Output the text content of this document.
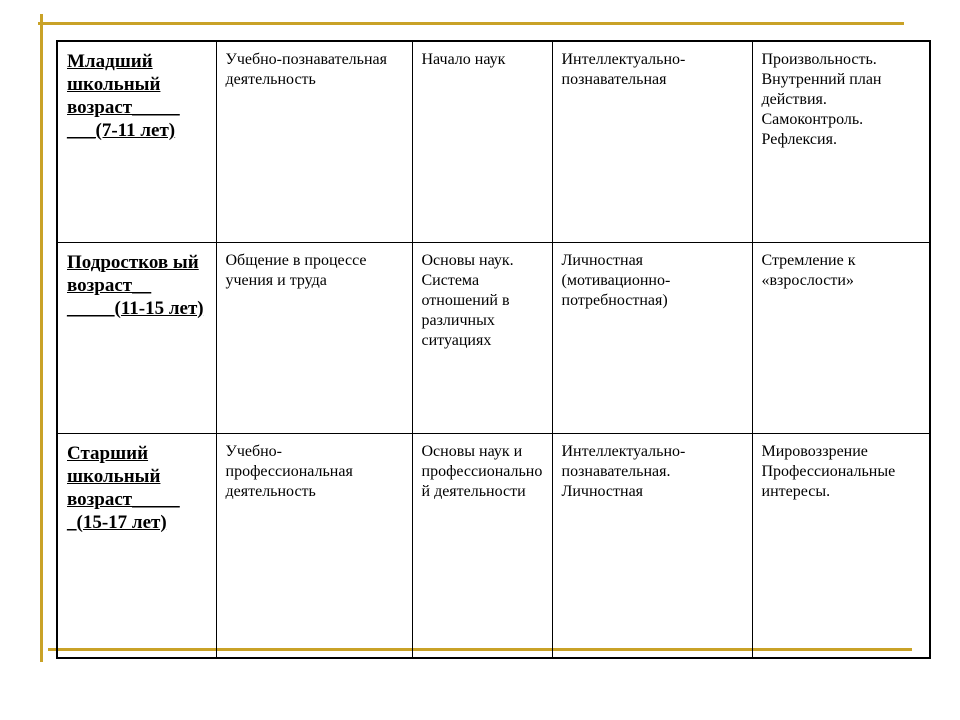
Младший школьный возраст_____ ___(7-11 лет)	Учебно-познавательная деятельность	Начало наук	Интеллектуально-познавательная	Произвольность. Внутренний план действия. Самоконтроль. Рефлексия.
Подростков ый возраст__ _____(11-15 лет)	Общение в процессе учения и труда	Основы наук. Система отношений в различных ситуациях	Личностная (мотивационно-потребностная)	Стремление к «взрослости»
Старший школьный возраст_____ _(15-17 лет)	Учебно-профессиональная деятельность	Основы наук и профессиональной деятельности	Интеллектуально-познавательная. Личностная	Мировоззрение Профессиональные интересы.
